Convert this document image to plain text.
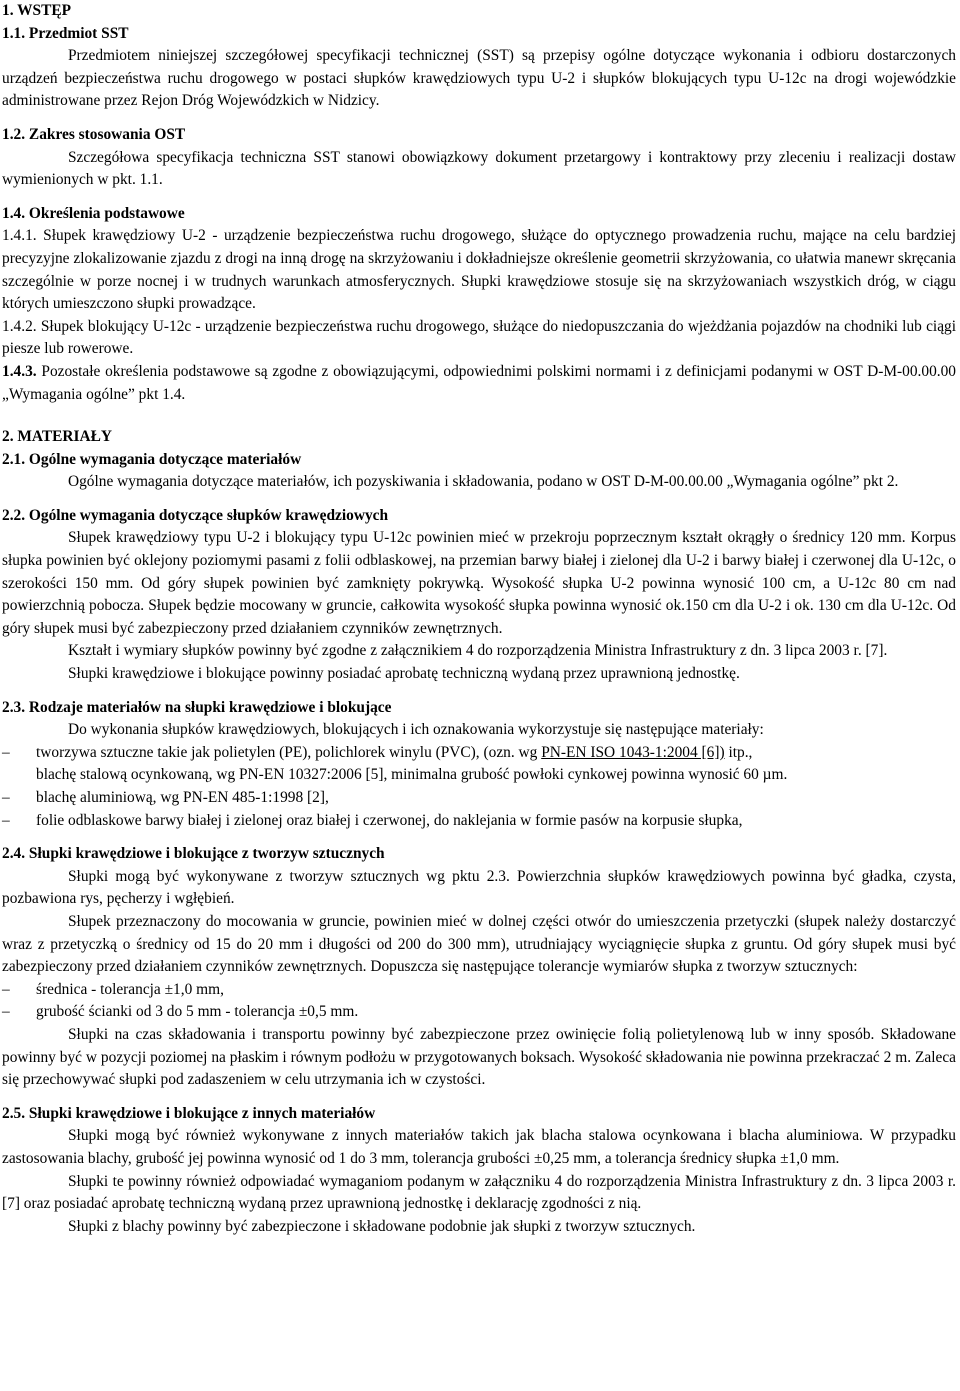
1. WSTĘP

1.1. Przedmiot SST

Przedmiotem niniejszej szczegółowej specyfikacji technicznej (SST) są przepisy ogólne dotyczące wykonania i odbioru dostarczonych urządzeń bezpieczeństwa ruchu drogowego w postaci słupków krawędziowych typu U-2 i słupków blokujących typu U-12c na drogi wojewódzkie administrowane przez Rejon Dróg Wojewódzkich w Nidzicy.

1.2. Zakres stosowania OST

Szczegółowa specyfikacja techniczna SST stanowi obowiązkowy dokument przetargowy i kontraktowy przy zleceniu i realizacji dostaw wymienionych w pkt. 1.1.

1.4. Określenia podstawowe

1.4.1. Słupek krawędziowy U-2 - urządzenie bezpieczeństwa ruchu drogowego, służące do optycznego prowadzenia ruchu, mające na celu bardziej precyzyjne zlokalizowanie zjazdu z drogi na inną drogę na skrzyżowaniu i dokładniejsze określenie geometrii skrzyżowania, co ułatwia manewr skręcania szczególnie w porze nocnej i w trudnych warunkach atmosferycznych. Słupki krawędziowe stosuje się na skrzyżowaniach wszystkich dróg, w ciągu których umieszczono słupki prowadzące.

1.4.2. Słupek blokujący U-12c - urządzenie bezpieczeństwa ruchu drogowego, służące do niedopuszczania do wjeżdżania pojazdów na chodniki lub ciągi piesze lub rowerowe.

1.4.3. Pozostałe określenia podstawowe są zgodne z obowiązującymi, odpowiednimi polskimi normami i z definicjami podanymi w OST D-M-00.00.00 „Wymagania ogólne” pkt 1.4.

2. MATERIAŁY

2.1. Ogólne wymagania dotyczące materiałów

Ogólne wymagania dotyczące materiałów, ich pozyskiwania i składowania, podano w OST D-M-00.00.00 „Wymagania ogólne” pkt 2.

2.2. Ogólne wymagania dotyczące słupków krawędziowych

Słupek krawędziowy typu U-2 i blokujący typu U-12c powinien mieć w przekroju poprzecznym kształt okrągły o średnicy 120 mm. Korpus słupka powinien być oklejony poziomymi pasami z folii odblaskowej, na przemian barwy białej i zielonej dla U-2 i barwy białej i czerwonej dla U-12c, o szerokości 150 mm. Od góry słupek powinien być zamknięty pokrywką. Wysokość słupka U-2 powinna wynosić 100 cm, a U-12c 80 cm nad powierzchnią pobocza. Słupek będzie mocowany w gruncie, całkowita wysokość słupka powinna wynosić ok.150 cm dla U-2 i ok. 130 cm dla U-12c. Od góry słupek musi być zabezpieczony przed działaniem czynników zewnętrznych.

Kształt i wymiary słupków powinny być zgodne z załącznikiem 4 do rozporządzenia Ministra Infrastruktury z dn. 3 lipca 2003 r. [7].

Słupki krawędziowe i blokujące powinny posiadać aprobatę techniczną wydaną przez uprawnioną jednostkę.

2.3. Rodzaje materiałów na słupki krawędziowe i blokujące

Do wykonania słupków krawędziowych, blokujących i ich oznakowania wykorzystuje się następujące materiały:

– tworzywa sztuczne takie jak polietylen (PE), polichlorek winylu (PVC), (ozn. wg PN-EN ISO 1043-1:2004 [6]) itp.,
blachę stalową ocynkowaną, wg PN-EN 10327:2006 [5], minimalna grubość powłoki cynkowej powinna wynosić 60 µm.
– blachę aluminiową, wg PN-EN 485-1:1998 [2],
– folie odblaskowe barwy białej i zielonej oraz białej i czerwonej, do naklejania w formie pasów na korpusie słupka,

2.4. Słupki krawędziowe i blokujące z tworzyw sztucznych

Słupki mogą być wykonywane z tworzyw sztucznych wg pktu 2.3. Powierzchnia słupków krawędziowych powinna być gładka, czysta, pozbawiona rys, pęcherzy i wgłębień.

Słupek przeznaczony do mocowania w gruncie, powinien mieć w dolnej części otwór do umieszczenia przetyczki (słupek należy dostarczyć wraz z przetyczką o średnicy od 15 do 20 mm i długości od 200 do 300 mm), utrudniający wyciągnięcie słupka z gruntu. Od góry słupek musi być zabezpieczony przed działaniem czynników zewnętrznych. Dopuszcza się następujące tolerancje wymiarów słupka z tworzyw sztucznych:

– średnica - tolerancja ±1,0 mm,
– grubość ścianki od 3 do 5 mm - tolerancja ±0,5 mm.

Słupki na czas składowania i transportu powinny być zabezpieczone przez owinięcie folią polietylenową lub w inny sposób. Składowane powinny być w pozycji poziomej na płaskim i równym podłożu w przygotowanych boksach. Wysokość składowania nie powinna przekraczać 2 m. Zaleca się przechowywać słupki pod zadaszeniem w celu utrzymania ich w czystości.

2.5. Słupki krawędziowe i blokujące z innych materiałów

Słupki mogą być również wykonywane z innych materiałów takich jak blacha stalowa ocynkowana i blacha aluminiowa. W przypadku zastosowania blachy, grubość jej powinna wynosić od 1 do 3 mm, tolerancja grubości ±0,25 mm, a tolerancja średnicy słupka ±1,0 mm.

Słupki te powinny również odpowiadać wymaganiom podanym w załączniku 4 do rozporządzenia Ministra Infrastruktury z dn. 3 lipca 2003 r. [7] oraz posiadać aprobatę techniczną wydaną przez uprawnioną jednostkę i deklarację zgodności z nią.

Słupki z blachy powinny być zabezpieczone i składowane podobnie jak słupki z tworzyw sztucznych.
